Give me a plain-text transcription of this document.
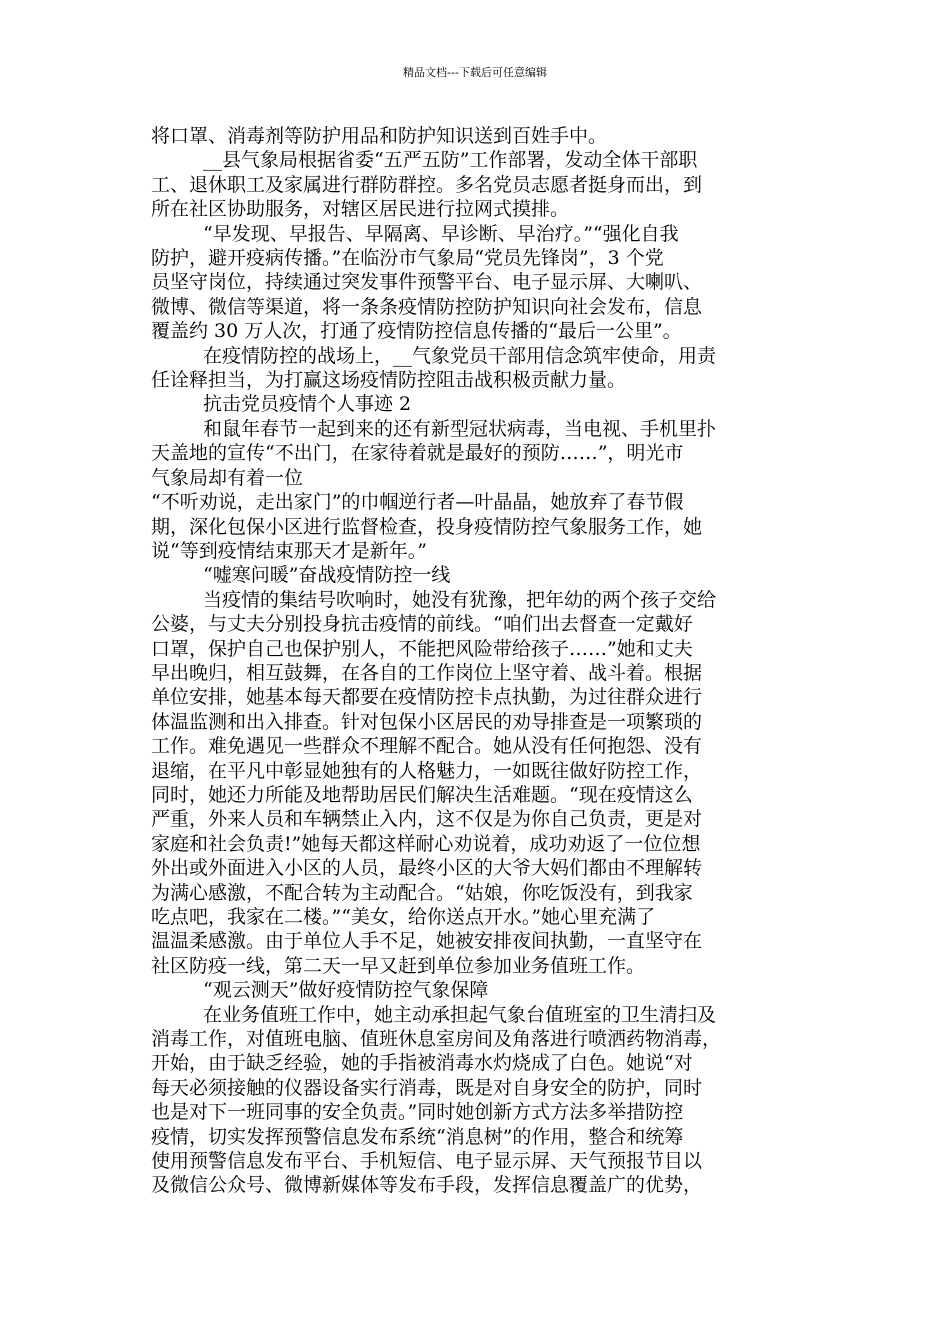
精品文档---下载后可任意编辑
将口罩、消毒剂等防护用品和防护知识送到百姓手中。
__县气象局根据省委“五严五防”工作部署，发动全体干部职
工、退休职工及家属进行群防群控。多名党员志愿者挺身而出，到
所在社区协助服务，对辖区居民进行拉网式摸排。
“早发现、早报告、早隔离、早诊断、早治疗。”“强化自我
防护，避开疫病传播。”在临汾市气象局“党员先锋岗”，3 个党
员坚守岗位，持续通过突发事件预警平台、电子显示屏、大喇叭、
微博、微信等渠道，将一条条疫情防控防护知识向社会发布，信息
覆盖约 30 万人次，打通了疫情防控信息传播的“最后一公里”。
在疫情防控的战场上，__气象党员干部用信念筑牢使命，用责
任诠释担当，为打赢这场疫情防控阻击战积极贡献力量。
抗击党员疫情个人事迹 2
和鼠年春节一起到来的还有新型冠状病毒，当电视、手机里扑
天盖地的宣传“不出门，在家待着就是最好的预防……”，明光市
气象局却有着一位
“不听劝说，走出家门”的巾帼逆行者—叶晶晶，她放弃了春节假
期，深化包保小区进行监督检查，投身疫情防控气象服务工作，她
说“等到疫情结束那天才是新年。”
“嘘寒问暖”奋战疫情防控一线
当疫情的集结号吹响时，她没有犹豫，把年幼的两个孩子交给
公婆，与丈夫分别投身抗击疫情的前线。“咱们出去督查一定戴好
口罩，保护自己也保护别人，不能把风险带给孩子……”她和丈夫
早出晚归，相互鼓舞，在各自的工作岗位上坚守着、战斗着。根据
单位安排，她基本每天都要在疫情防控卡点执勤，为过往群众进行
体温监测和出入排查。针对包保小区居民的劝导排查是一项繁琐的
工作。难免遇见一些群众不理解不配合。她从没有任何抱怨、没有
退缩，在平凡中彰显她独有的人格魅力，一如既往做好防控工作，
同时，她还力所能及地帮助居民们解决生活难题。“现在疫情这么
严重，外来人员和车辆禁止入内，这不仅是为你自己负责，更是对
家庭和社会负责!”她每天都这样耐心劝说着，成功劝返了一位位想
外出或外面进入小区的人员，最终小区的大爷大妈们都由不理解转
为满心感激，不配合转为主动配合。“姑娘，你吃饭没有，到我家
吃点吧，我家在二楼。”“美女，给你送点开水。”她心里充满了
温温柔感激。由于单位人手不足，她被安排夜间执勤，一直坚守在
社区防疫一线，第二天一早又赶到单位参加业务值班工作。
“观云测天”做好疫情防控气象保障
在业务值班工作中，她主动承担起气象台值班室的卫生清扫及
消毒工作，对值班电脑、值班休息室房间及角落进行喷洒药物消毒，
开始，由于缺乏经验，她的手指被消毒水灼烧成了白色。她说“对
每天必须接触的仪器设备实行消毒，既是对自身安全的防护，同时
也是对下一班同事的安全负责。”同时她创新方式方法多举措防控
疫情，切实发挥预警信息发布系统“消息树”的作用，整合和统筹
使用预警信息发布平台、手机短信、电子显示屏、天气预报节目以
及微信公众号、微博新媒体等发布手段，发挥信息覆盖广的优势，
